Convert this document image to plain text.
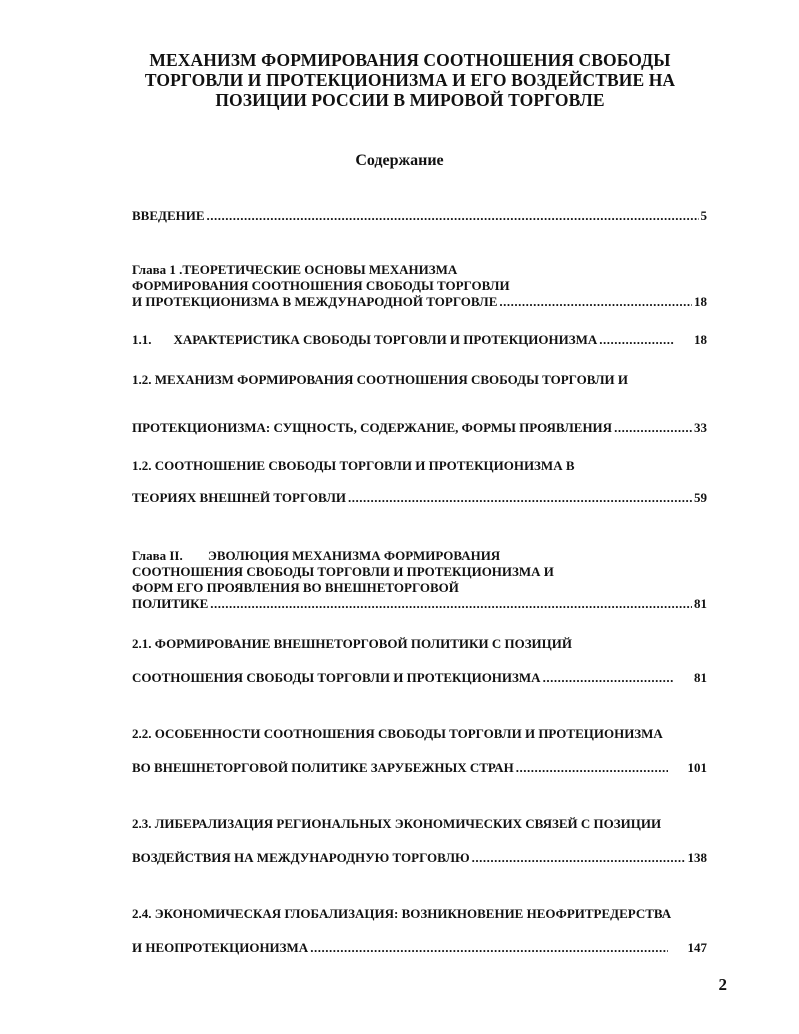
МЕХАНИЗМ ФОРМИРОВАНИЯ СООТНОШЕНИЯ СВОБОДЫ
ТОРГОВЛИ И ПРОТЕКЦИОНИЗМА И ЕГО ВОЗДЕЙСТВИЕ НА
ПОЗИЦИИ РОССИИ В МИРОВОЙ ТОРГОВЛЕ
Содержание
ВВЕДЕНИЕ .....	5
Глава 1 .ТЕОРЕТИЧЕСКИЕ ОСНОВЫ МЕХАНИЗМА
ФОРМИРОВАНИЯ СООТНОШЕНИЯ СВОБОДЫ ТОРГОВЛИ
И ПРОТЕКЦИОНИЗМА В МЕЖДУНАРОДНОЙ ТОРГОВЛЕ .....	18
1.1. ХАРАКТЕРИСТИКА СВОБОДЫ ТОРГОВЛИ И ПРОТЕКЦИОНИЗМА .....	18
1.2. МЕХАНИЗМ ФОРМИРОВАНИЯ СООТНОШЕНИЯ СВОБОДЫ ТОРГОВЛИ И
ПРОТЕКЦИОНИЗМА: СУЩНОСТЬ, СОДЕРЖАНИЕ, ФОРМЫ ПРОЯВЛЕНИЯ .....	33
1.2. СООТНОШЕНИЕ СВОБОДЫ ТОРГОВЛИ И ПРОТЕКЦИОНИЗМА В
ТЕОРИЯХ ВНЕШНЕЙ ТОРГОВЛИ .....	59
Глава II. ЭВОЛЮЦИЯ МЕХАНИЗМА ФОРМИРОВАНИЯ
СООТНОШЕНИЯ СВОБОДЫ ТОРГОВЛИ И ПРОТЕКЦИОНИЗМА И
ФОРМ ЕГО ПРОЯВЛЕНИЯ ВО ВНЕШНЕТОРГОВОЙ
ПОЛИТИКЕ .....	81
2.1. ФОРМИРОВАНИЕ ВНЕШНЕТОРГОВОЙ ПОЛИТИКИ С ПОЗИЦИЙ
СООТНОШЕНИЯ СВОБОДЫ ТОРГОВЛИ И ПРОТЕКЦИОНИЗМА .....	81
2.2. ОСОБЕННОСТИ СООТНОШЕНИЯ СВОБОДЫ ТОРГОВЛИ И ПРОТЕЦИОНИЗМА
ВО ВНЕШНЕТОРГОВОЙ ПОЛИТИКЕ ЗАРУБЕЖНЫХ СТРАН .....	101
2.3. ЛИБЕРАЛИЗАЦИЯ РЕГИОНАЛЬНЫХ ЭКОНОМИЧЕСКИХ СВЯЗЕЙ С ПОЗИЦИИ
ВОЗДЕЙСТВИЯ НА МЕЖДУНАРОДНУЮ ТОРГОВЛЮ .....	138
2.4. ЭКОНОМИЧЕСКАЯ ГЛОБАЛИЗАЦИЯ: ВОЗНИКНОВЕНИЕ НЕОФРИТРЕДЕРСТВА
И НЕОПРОТЕКЦИОНИЗМА .....	147
2
